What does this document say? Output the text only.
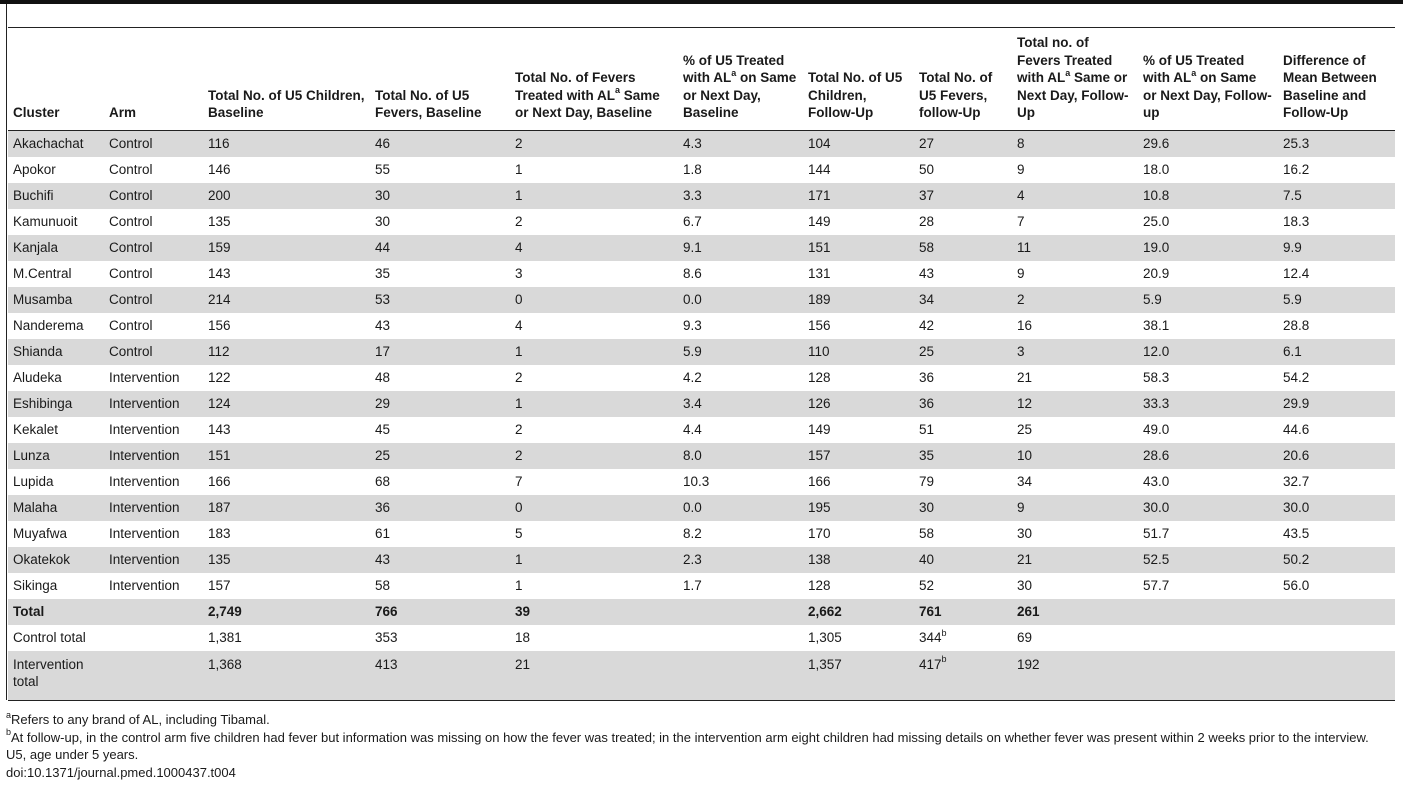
Cluster	Arm	Total No. of U5 Children, Baseline	Total No. of U5 Fevers, Baseline	Total No. of Fevers Treated with $AL^a$ Same or Next Day, Baseline	% of U5 Treated with $AL^a$ on Same or Next Day, Baseline	Total No. of U5 Children, Follow-Up	Total No. of U5 Fevers, follow-Up	Total no. of Fevers Treated with $AL^a$ Same or Next Day, Follow-Up	% of U5 Treated with $AL^a$ on Same or Next Day, Follow-up	Difference of Mean Between Baseline and Follow-Up
Akachachat	Control	116	46	2	4.3	104	27	8	29.6	25.3
Apokor	Control	146	55	1	1.8	144	50	9	18.0	16.2
Buchifi	Control	200	30	1	3.3	171	37	4	10.8	7.5
Kamunuoit	Control	135	30	2	6.7	149	28	7	25.0	18.3
Kanjala	Control	159	44	4	9.1	151	58	11	19.0	9.9
M.Central	Control	143	35	3	8.6	131	43	9	20.9	12.4
Musamba	Control	214	53	0	0.0	189	34	2	5.9	5.9
Nanderema	Control	156	43	4	9.3	156	42	16	38.1	28.8
Shianda	Control	112	17	1	5.9	110	25	3	12.0	6.1
Aludeka	Intervention	122	48	2	4.2	128	36	21	58.3	54.2
Eshibinga	Intervention	124	29	1	3.4	126	36	12	33.3	29.9
Kekalet	Intervention	143	45	2	4.4	149	51	25	49.0	44.6
Lunza	Intervention	151	25	2	8.0	157	35	10	28.6	20.6
Lupida	Intervention	166	68	7	10.3	166	79	34	43.0	32.7
Malaha	Intervention	187	36	0	0.0	195	30	9	30.0	30.0
Muyafwa	Intervention	183	61	5	8.2	170	58	30	51.7	43.5
Okatekok	Intervention	135	43	1	2.3	138	40	21	52.5	50.2
Sikinga	Intervention	157	58	1	1.7	128	52	30	57.7	56.0
Total		2,749	766	39		2,662	761	261		
Control total		1,381	353	18		1,305	344$^b$	69		
Intervention total		1,368	413	21		1,357	417$^b$	192		

$^a$Refers to any brand of AL, including Tibamal.

$^b$At follow-up, in the control arm five children had fever but information was missing on how the fever was treated; in the intervention arm eight children had missing details on whether fever was present within 2 weeks prior to the interview.

U5, age under 5 years.

doi:10.1371/journal.pmed.1000437.t004
